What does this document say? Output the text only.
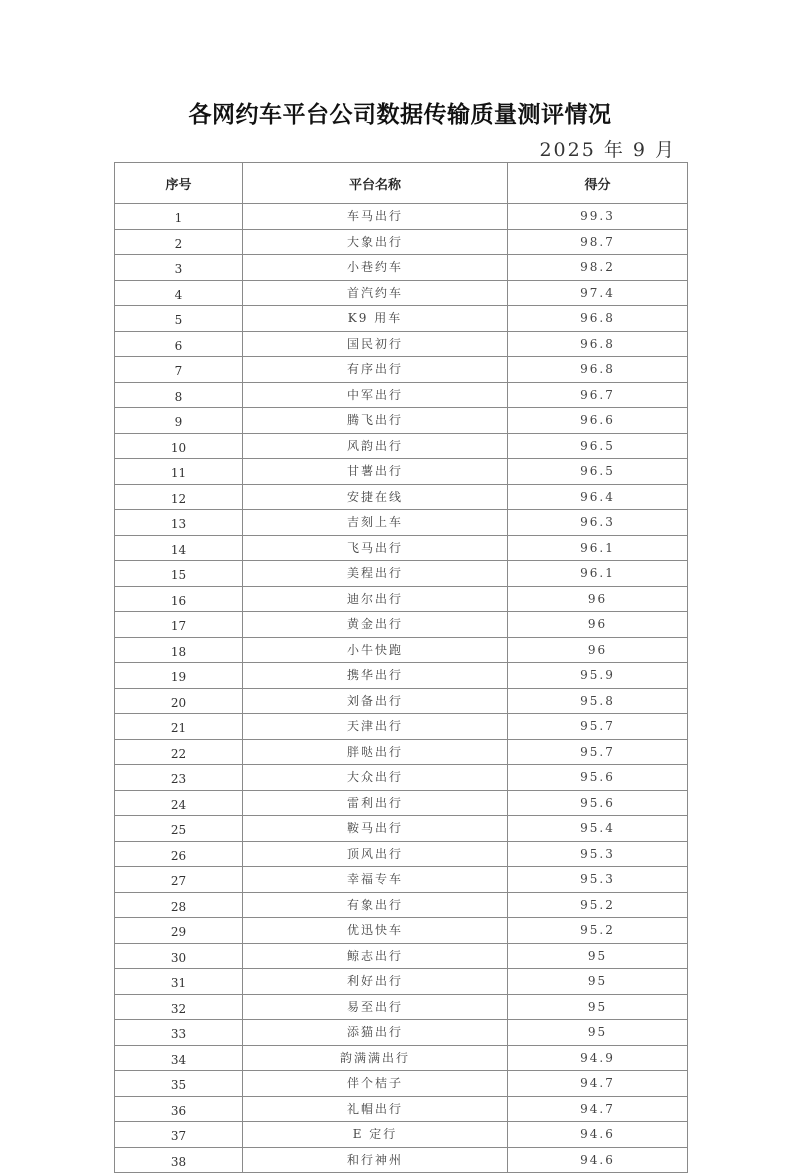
各网约车平台公司数据传输质量测评情况
2025 年 9 月
序号	平台名称	得分
1	车马出行	99.3
2	大象出行	98.7
3	小巷约车	98.2
4	首汽约车	97.4
5	K9 用车	96.8
6	国民初行	96.8
7	有序出行	96.8
8	中军出行	96.7
9	腾飞出行	96.6
10	风韵出行	96.5
11	甘薯出行	96.5
12	安捷在线	96.4
13	吉刻上车	96.3
14	飞马出行	96.1
15	美程出行	96.1
16	迪尔出行	96
17	黄金出行	96
18	小牛快跑	96
19	携华出行	95.9
20	刘备出行	95.8
21	天津出行	95.7
22	胖哒出行	95.7
23	大众出行	95.6
24	雷利出行	95.6
25	鞍马出行	95.4
26	顶风出行	95.3
27	幸福专车	95.3
28	有象出行	95.2
29	优迅快车	95.2
30	鲸志出行	95
31	利好出行	95
32	易至出行	95
33	添猫出行	95
34	韵满满出行	94.9
35	伴个桔子	94.7
36	礼帽出行	94.7
37	E 定行	94.6
38	和行神州	94.6
